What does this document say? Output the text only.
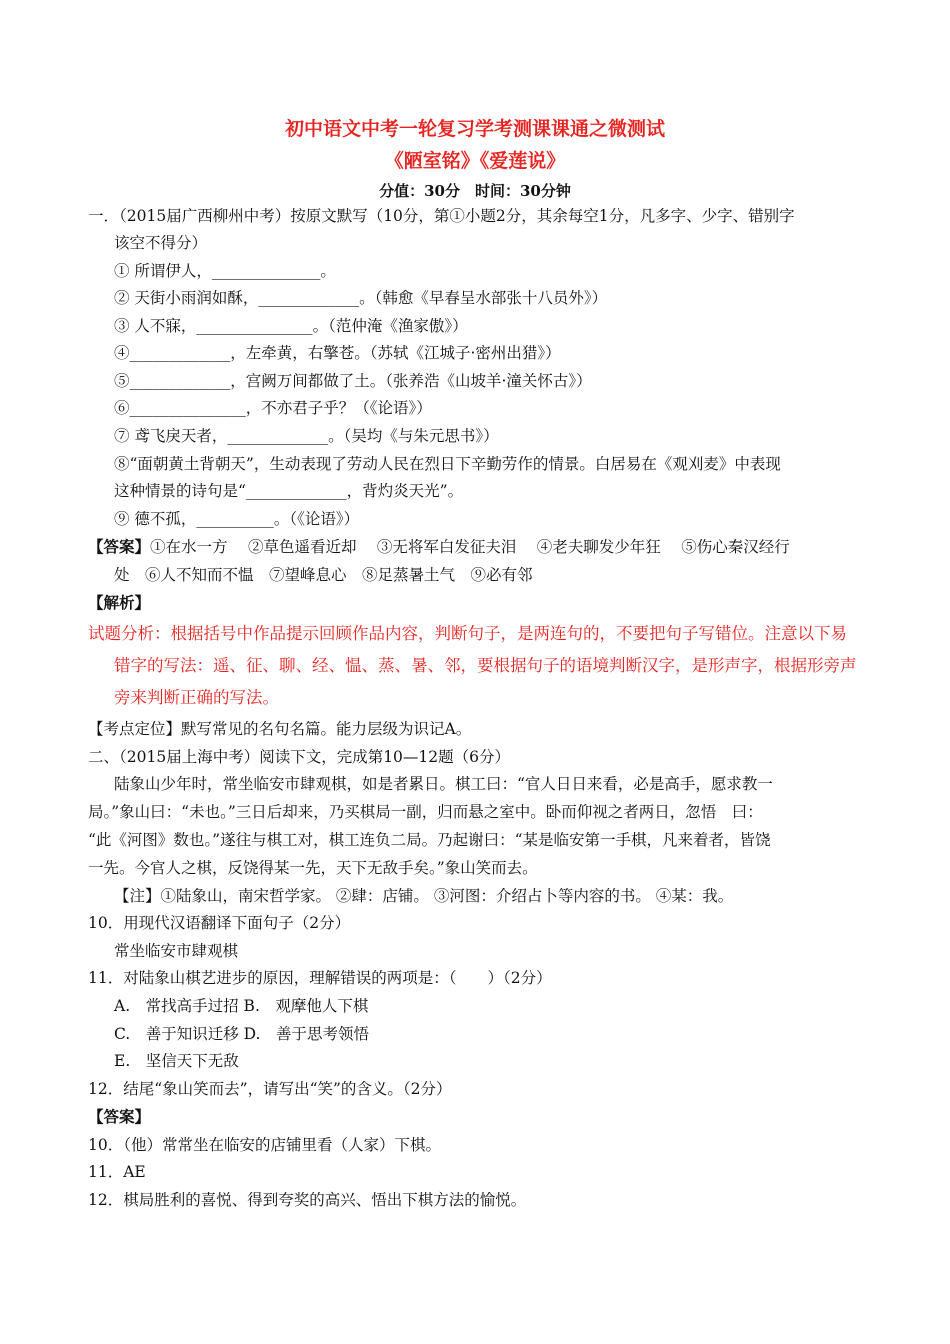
初中语文中考一轮复习学考测课课通之微测试
《陋室铭》《爱莲说》
分值：30分　时间：30分钟
一．（2015届广西柳州中考）按原文默写（10分，第①小题2分，其余每空1分，凡多字、少字、错别字
该空不得分）
① 所谓伊人，______________。
② 天街小雨润如酥，_____________。（韩愈《早春呈水部张十八员外》）
③ 人不寐，_______________。（范仲淹《渔家傲》）
④_____________，左牵黄，右擎苍。（苏轼《江城子·密州出猎》）
⑤_____________，宫阙万间都做了土。（张养浩《山坡羊·潼关怀古》）
⑥_______________，不亦君子乎？（《论语》）
⑦ 鸢飞戾天者，_____________。（吴均《与朱元思书》）
⑧“面朝黄土背朝天”，生动表现了劳动人民在烈日下辛勤劳作的情景。白居易在《观刈麦》中表现
这种情景的诗句是“_____________，背灼炎天光”。
⑨ 德不孤，__________。（《论语》）
【答案】①在水一方　 ②草色遥看近却　 ③无将军白发征夫泪　 ④老夫聊发少年狂　 ⑤伤心秦汉经行
处　⑥人不知而不愠　⑦望峰息心　⑧足蒸暑土气　⑨必有邻
【解析】
试题分析：根据括号中作品提示回顾作品内容，判断句子，是两连句的，不要把句子写错位。注意以下易
错字的写法：遥、征、聊、经、愠、蒸、暑、邻，要根据句子的语境判断汉字，是形声字，根据形旁声
旁来判断正确的写法。
【考点定位】默写常见的名句名篇。能力层级为识记A。
二、（2015届上海中考）阅读下文，完成第10—12题（6分）
陆象山少年时，常坐临安市肆观棋，如是者累日。棋工曰：“官人日日来看，必是高手，愿求教一
局。”象山曰：“未也。”三日后却来，乃买棋局一副，归而悬之室中。卧而仰视之者两日，忽悟　曰：
“此《河图》数也。”遂往与棋工对，棋工连负二局。乃起谢曰：“某是临安第一手棋，凡来着者，皆饶
一先。今官人之棋，反饶得某一先，天下无敌手矣。”象山笑而去。
【注】①陆象山，南宋哲学家。 ②肆：店铺。 ③河图：介绍占卜等内容的书。 ④某：我。
10．用现代汉语翻译下面句子（2分）
常坐临安市肆观棋
11．对陆象山棋艺进步的原因，理解错误的两项是：（　　）（2分）
A.　常找高手过招 B.　观摩他人下棋
C.　善于知识迁移 D.　善于思考领悟
E.　坚信天下无敌
12．结尾“象山笑而去”，请写出“笑”的含义。（2分）
【答案】
10．（他）常常坐在临安的店铺里看（人家）下棋。
11．AE
12．棋局胜利的喜悦、得到夸奖的高兴、悟出下棋方法的愉悦。
